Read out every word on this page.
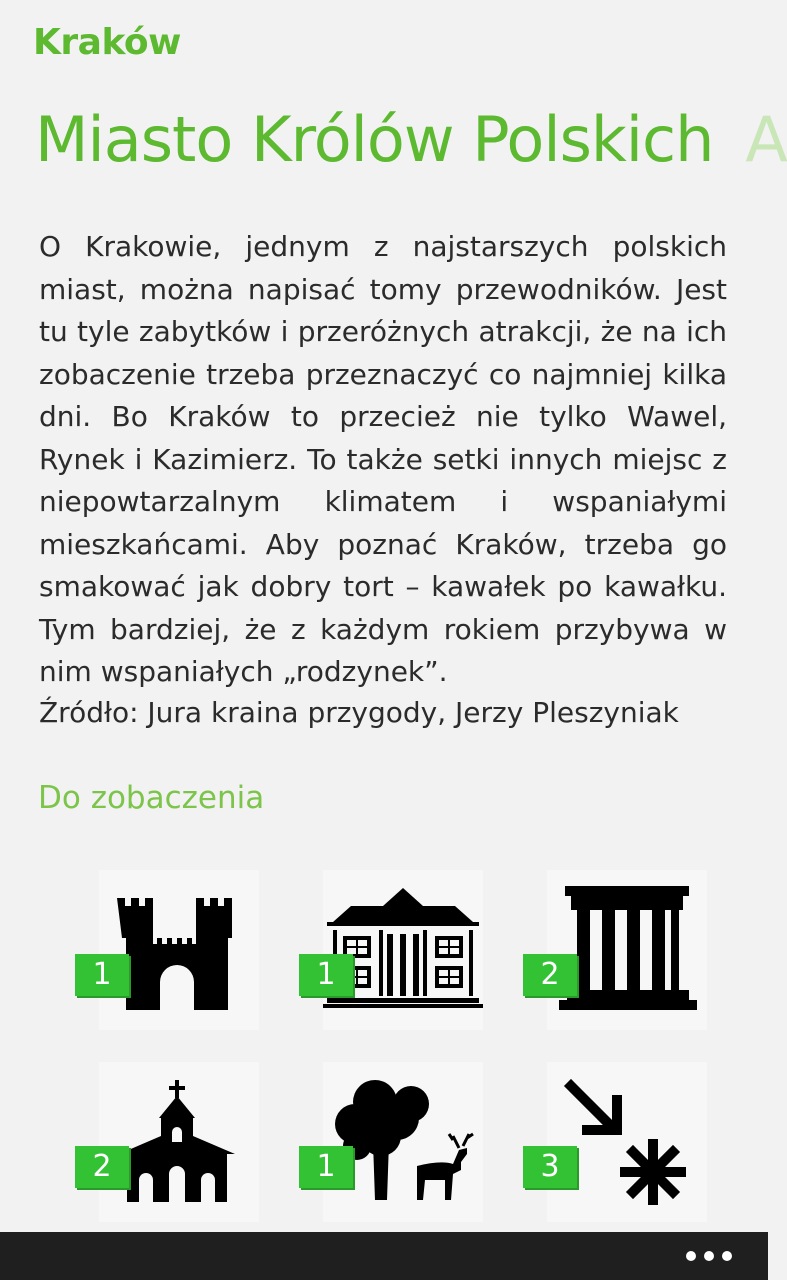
Kraków
Miasto Królów Polskich A

O Krakowie, jednym z najstarszych polskich miast, można napisać tomy przewodników. Jest tu tyle zabytków i przeróżnych atrakcji, że na ich zobaczenie trzeba przeznaczyć co najmniej kilka dni. Bo Kraków to przecież nie tylko Wawel, Rynek i Kazimierz. To także setki innych miejsc z niepowtarzalnym klimatem i wspaniałymi mieszkańcami. Aby poznać Kraków, trzeba go smakować jak dobry tort – kawałek po kawałku. Tym bardziej, że z każdym rokiem przybywa w nim wspaniałych „rodzynek”.

Źródło: Jura kraina przygody, Jerzy Pleszyniak

Do zobaczenia
1	1	2
2	1	3
